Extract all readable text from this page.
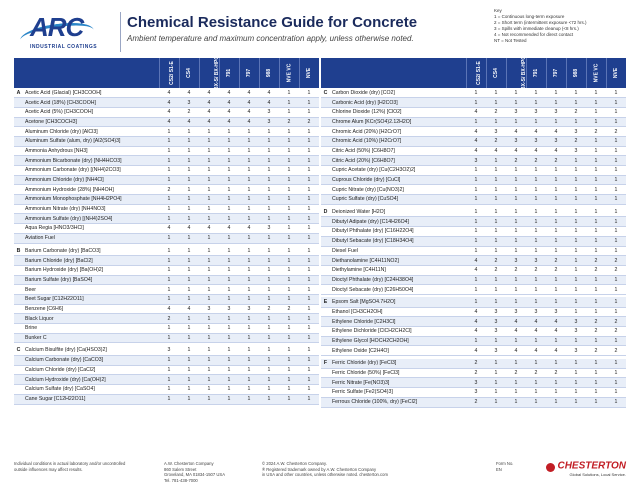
ARC
INDUSTRIAL COATINGS
Chemical Resistance Guide for Concrete
Ambient temperature and maximum concentration apply, unless otherwise noted.
Key
1 = Continuous long-term exposure
2 = Short term (intermittent exposure <72 hrs.)
3 = Spills with immediate cleanup (<8 hrs.)
4 = Not recommended for direct contact
NT = Not Tested
		CS2/ S1-E	CS4	BX-S/ BX-HPC	791	797	988	NVE VC	NVE
A	Acetic Acid (Glacial) [CH3COOH]	4	4	4	4	4	4	1	1
	Acetic Acid (18%) [CH3COOH]	4	3	4	4	4	4	1	1
	Acetic Acid (5%) [CH3COOH]	4	2	4	4	4	3	1	1
	Acetone [CH3COCH3]	4	4	4	4	4	3	2	2
	Aluminum Chloride (dry) [AlCl3]	1	1	1	1	1	1	1	1
	Aluminum Sulfate (alum, dry) [Al2(SO4)3]	1	1	1	1	1	1	1	1
	Ammonia Anhydrous [NH3]	1	1	1	1	1	1	1	1
	Ammonium Bicarbonate (dry) [NH4HCO3]	1	1	1	1	1	1	1	1
	Ammonium Carbonate (dry) [(NH4)2CO3]	1	1	1	1	1	1	1	1
	Ammonium Chloride (dry) [NH4Cl]	1	1	1	1	1	1	1	1
	Ammonium Hydroxide (28%) [NH4OH]	2	1	1	1	1	1	1	1
	Ammonium Monophosphate [NH4H2PO4]	1	1	1	1	1	1	1	1
	Ammonium Nitrate (dry) [NH4NO3]	1	1	1	1	1	1	1	1
	Ammonium Sulfate (dry) [(NH4)2SO4]	1	1	1	1	1	1	1	1
	Aqua Regia [HNO3/3HCl]	4	4	4	4	4	3	1	1
	Aviation Fuel	1	1	1	1	1	1	1	1

B	Barium Carbonate (dry) [BaCO3]	1	1	1	1	1	1	1	1
	Barium Chloride (dry) [BaCl2]	1	1	1	1	1	1	1	1
	Barium Hydroxide (dry) [Ba(OH)2]	1	1	1	1	1	1	1	1
	Barium Sulfate (dry) [BaSO4]	1	1	1	1	1	1	1	1
	Beer	1	1	1	1	1	1	1	1
	Beet Sugar [C12H22O11]	1	1	1	1	1	1	1	1
	Benzene [C6H6]	4	4	3	3	3	2	2	1
	Black Liquor	2	1	1	1	1	1	1	1
	Brine	1	1	1	1	1	1	1	1
	Bunker C	1	1	1	1	1	1	1	1

C	Calcium Bisulfite (dry) [Ca(HSO3)2]	3	1	1	1	1	1	1	1
	Calcium Carbonate (dry) [CaCO3]	1	1	1	1	1	1	1	1
	Calcium Chloride (dry) [CaCl2]	1	1	1	1	1	1	1	1
	Calcium Hydroxide (dry) [Ca(OH)2]	1	1	1	1	1	1	1	1
	Calcium Sulfate (dry) [CaSO4]	1	1	1	1	1	1	1	1
	Cane Sugar [C12H22O11]	1	1	1	1	1	1	1	1
		CS2/ S1-E	CS4	BX-S/ BX-HPC	791	797	988	NVE VC	NVE
C	Carbon Dioxide (dry) [CO2]	1	1	1	1	1	1	1	1
	Carbonic Acid (dry) [H2CO3]	1	1	1	1	1	1	1	1
	Chlorine Dioxide (12%) [ClO2]	4	2	3	3	3	2	1	1
	Chrome Alum [KCr(SO4)2.12H2O]	1	1	1	1	1	1	1	1
	Chromic Acid (20%) [H2CrO7]	4	3	4	4	4	3	2	2
	Chromic Acid (10%) [H2CrO7]	4	2	3	3	3	2	1	1
	Citric Acid (50%) [C6H8O7]	4	4	4	4	4	3	1	1
	Citric Acid (20%) [C6H8O7]	3	1	2	2	2	1	1	1
	Cupric Acetate (dry) [Cu(C2H3O2)2]	1	1	1	1	1	1	1	1
	Cuprous Chloride (dry) [CuCl]	1	1	1	1	1	1	1	1
	Cupric Nitrate (dry) [Cu(NO3)2]	1	1	1	1	1	1	1	1
	Cupric Sulfate (dry) [CuSO4]	1	1	1	1	1	1	1	1

D	Deionized Water [H2O]	1	1	1	1	1	1	1	1
	Dibutyl Adipate (dry) [C14H26O4]	1	1	1	1	1	1	1	1
	Dibutyl Phthalate (dry) [C16H22O4]	1	1	1	1	1	1	1	1
	Dibutyl Sebacate (dry) [C18H34O4]	1	1	1	1	1	1	1	1
	Diesel Fuel	1	1	1	1	1	1	1	1
	Diethanolamine [C4H11NO2]	4	2	3	3	2	1	2	2
	Diethylamine [C4H11N]	4	2	2	2	2	1	2	2
	Dioctyl Phthalate (dry) [C24H38O4]	1	1	1	1	1	1	1	1
	Dioctyl Sebacate (dry) [C26H50O4]	1	1	1	1	1	1	1	1

E	Epsom Salt [MgSO4.7H2O]	1	1	1	1	1	1	1	1
	Ethanol [CH3CH2OH]	4	3	3	3	3	1	1	1
	Ethylene Chloride [C2H3Cl]	4	3	4	4	4	3	2	2
	Ethylene Dichloride [ClCH2CH2Cl]	4	3	4	4	4	3	2	2
	Ethylene Glycol [HOCH2CH2OH]	1	1	1	1	1	1	1	1
	Ethylene Oxide [C2H4O]	4	3	4	4	4	3	2	2

F	Ferric Chloride (dry) [FeCl3]	2	1	1	1	1	1	1	1
	Ferric Chloride (50%) [FeCl3]	2	1	2	2	2	1	1	1
	Ferric Nitrate [Fe(NO3)3]	3	1	1	1	1	1	1	1
	Ferric Sulfate [Fe2(SO4)3]	3	1	1	1	1	1	1	1
	Ferrous Chloride (100%, dry) [FeCl2]	2	1	1	1	1	1	1	1
Individual conditions in actual laboratory and/or uncontrolled outside influences may affect results.
A.W. Chesterton Company
860 Salem Street
Groveland, MA 01834-1507 USA
Tel. 781-438-7000
© 2024 A.W. Chesterton Company.
® Registered trademark owned by A.W. Chesterton Company
in USA and other countries, unless otherwise noted. chesterton.com
Form No.
EN	CHESTERTON
Global Solutions, Local Service.
